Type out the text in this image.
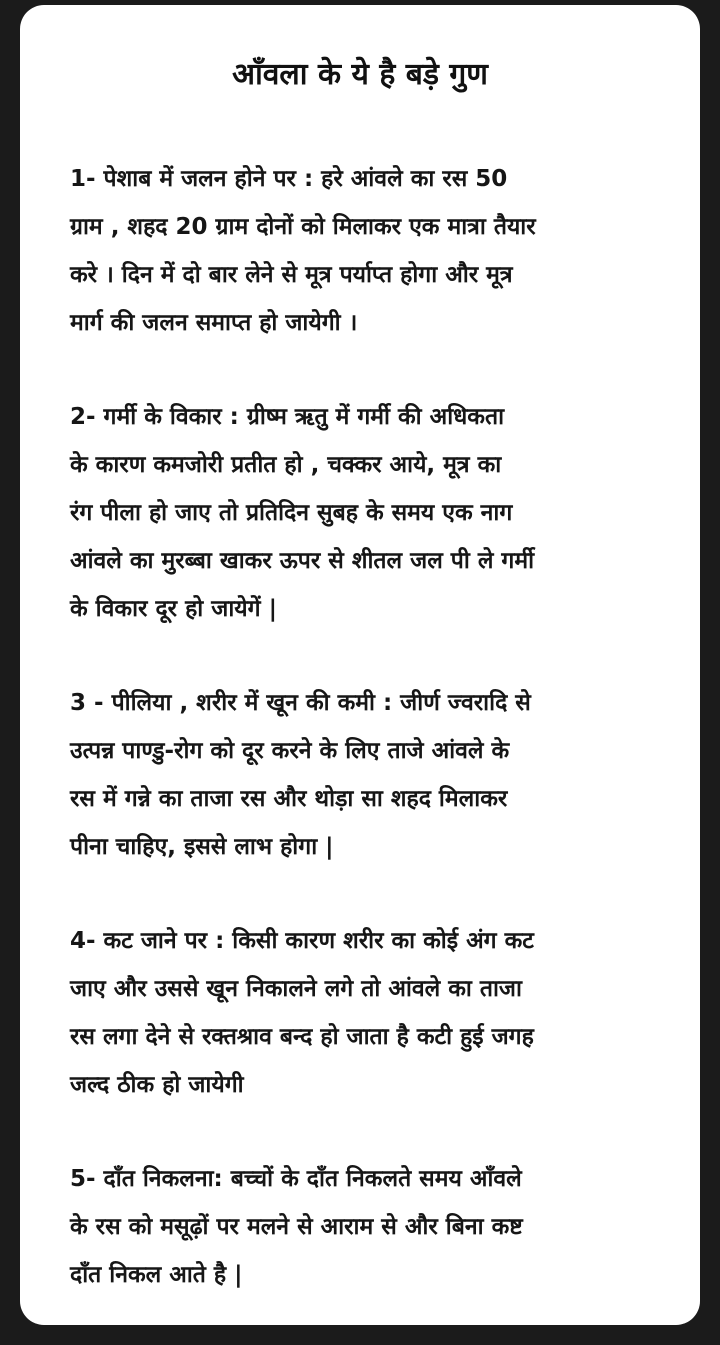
आँवला के ये है बड़े गुण

1- पेशाब में जलन होने पर : हरे आंवले का रस 50
ग्राम , शहद 20 ग्राम दोनों को मिलाकर एक मात्रा तैयार
करे । दिन में दो बार लेने से मूत्र पर्याप्त होगा और मूत्र
मार्ग की जलन समाप्त हो जायेगी ।

2- गर्मी के विकार : ग्रीष्म ऋतु में गर्मी की अधिकता
के कारण कमजोरी प्रतीत हो , चक्कर आये, मूत्र का
रंग पीला हो जाए तो प्रतिदिन सुबह के समय एक नाग
आंवले का मुरब्बा खाकर ऊपर से शीतल जल पी ले गर्मी
के विकार दूर हो जायेगें |

3 - पीलिया , शरीर में खून की कमी : जीर्ण ज्वरादि से
उत्पन्न पाण्डु-रोग को दूर करने के लिए ताजे आंवले के
रस में गन्ने का ताजा रस और थोड़ा सा शहद मिलाकर
पीना चाहिए, इससे लाभ होगा |

4- कट जाने पर : किसी कारण शरीर का कोई अंग कट
जाए और उससे खून निकालने लगे तो आंवले का ताजा
रस लगा देने से रक्तश्राव बन्द हो जाता है कटी हुई जगह
जल्द ठीक हो जायेगी

5- दाँत निकलना: बच्चों के दाँत निकलते समय आँवले
के रस को मसूढ़ों पर मलने से आराम से और बिना कष्ट
दाँत निकल आते है |
